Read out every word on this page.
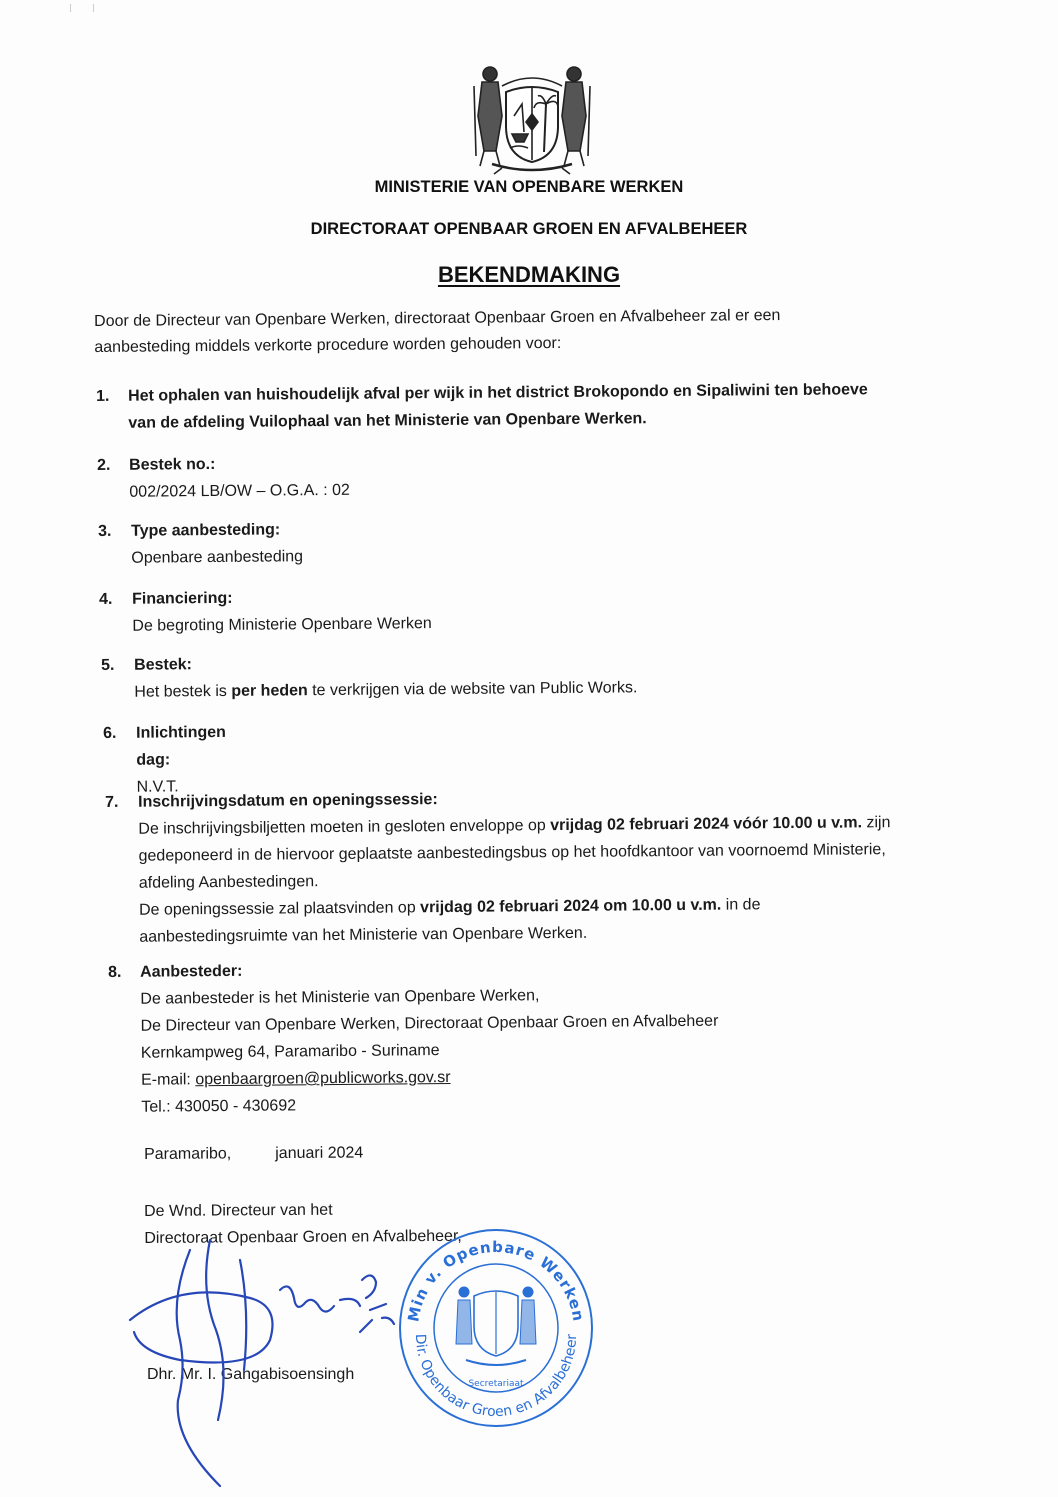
MINISTERIE VAN OPENBARE WERKEN
DIRECTORAAT OPENBAAR GROEN EN AFVALBEHEER
BEKENDMAKING
Door de Directeur van Openbare Werken, directoraat Openbaar Groen en Afvalbeheer zal er een
aanbesteding middels verkorte procedure worden gehouden voor:
1. Het ophalen van huishoudelijk afval per wijk in het district Brokopondo en Sipaliwini ten behoeve
van de afdeling Vuilophaal van het Ministerie van Openbare Werken.
2. Bestek no.:
002/2024 LB/OW – O.G.A. : 02
3. Type aanbesteding:
Openbare aanbesteding
4. Financiering:
De begroting Ministerie Openbare Werken
5. Bestek:
Het bestek is per heden te verkrijgen via de website van Public Works.
6. Inlichtingen dag:
N.V.T.
7. Inschrijvingsdatum en openingssessie:
De inschrijvingsbiljetten moeten in gesloten enveloppe op vrijdag 02 februari 2024 vóór 10.00 u v.m. zijn
gedeponeerd in de hiervoor geplaatste aanbestedingsbus op het hoofdkantoor van voornoemd Ministerie,
afdeling Aanbestedingen.
De openingssessie zal plaatsvinden op vrijdag 02 februari 2024 om 10.00 u v.m. in de
aanbestedingsruimte van het Ministerie van Openbare Werken.
8. Aanbesteder:
De aanbesteder is het Ministerie van Openbare Werken,
De Directeur van Openbare Werken, Directoraat Openbaar Groen en Afvalbeheer
Kernkampweg 64, Paramaribo - Suriname
E-mail: openbaargroen@publicworks.gov.sr
Tel.: 430050 - 430692
Paramaribo,	januari 2024
De Wnd. Directeur van het
Directoraat Openbaar Groen en Afvalbeheer,
Dhr. Mr. I. Gangabisoensingh
Min v. Openbare Werken
Dir. Openbaar Groen en Afvalbeheer
Secretariaat
